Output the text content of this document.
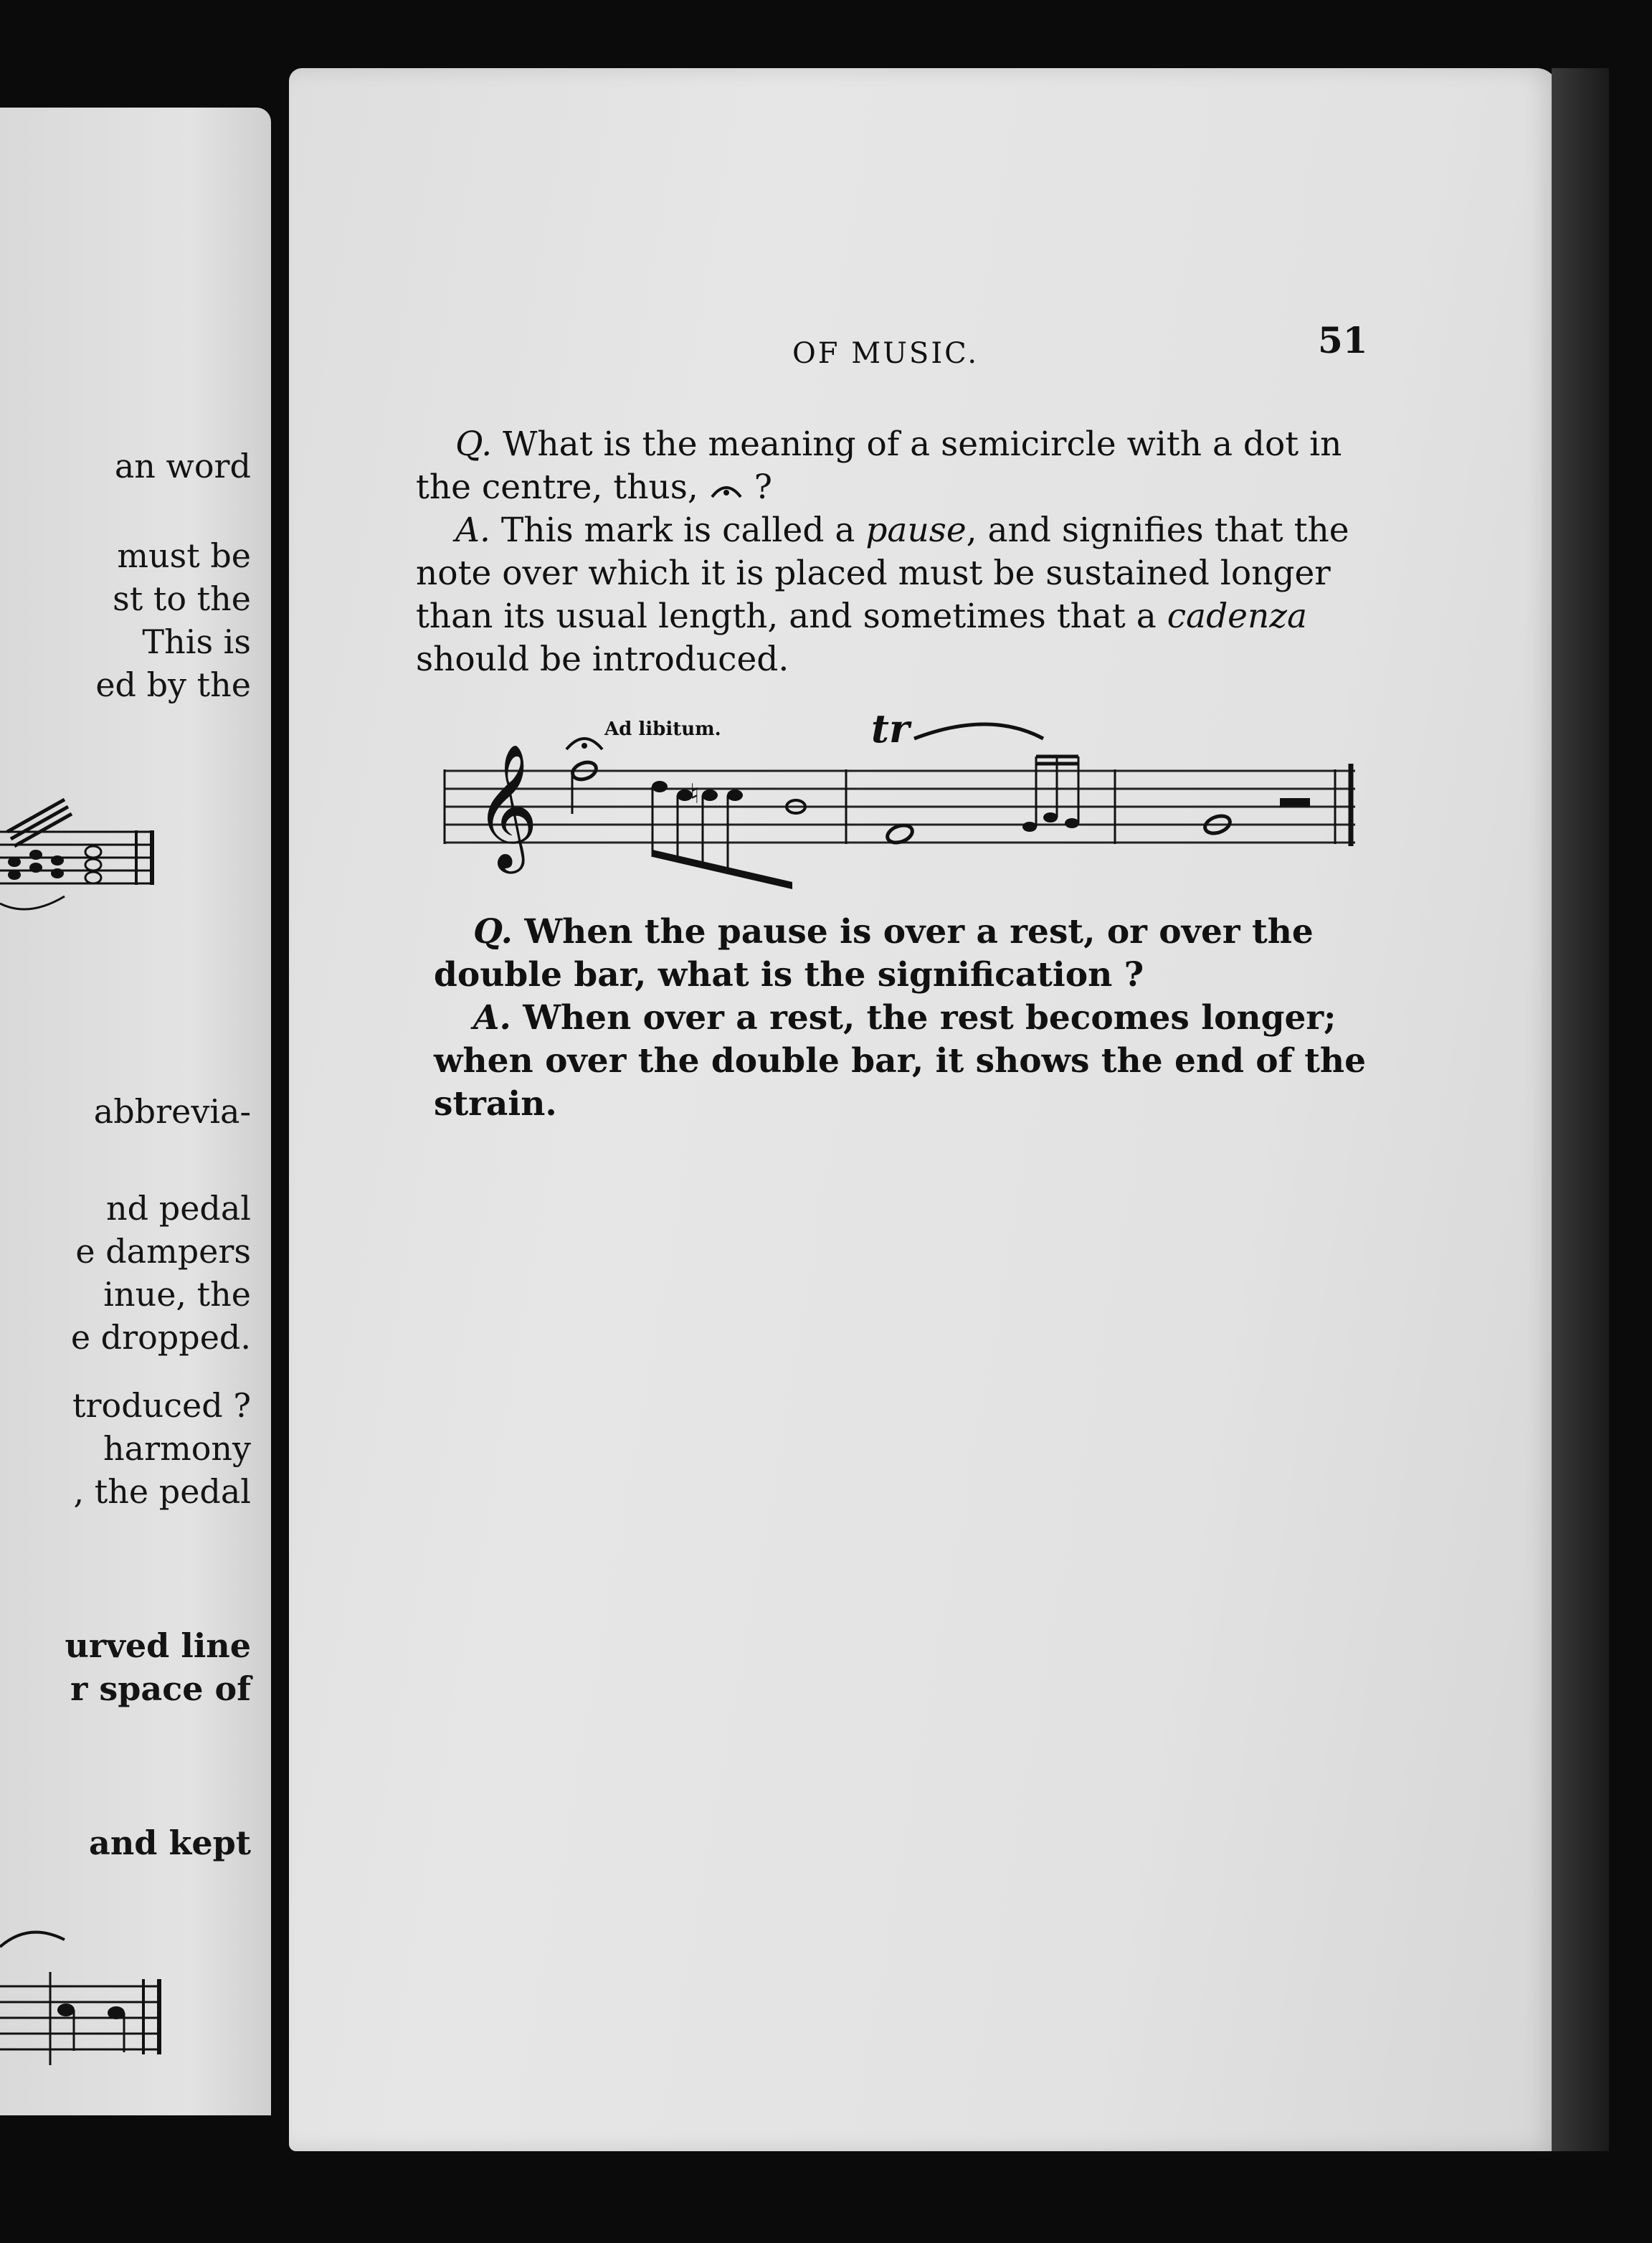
an word

must be

st to the

This is

ed by the

abbrevia-

nd pedal

e dampers

inue, the

e dropped.

troduced ?

harmony

, the pedal

urved line

r space of

and kept

OF MUSIC.	51

Q. What is the meaning of a semicircle with a dot in the centre, thus, ?

A. This mark is called a pause, and signifies that the note over which it is placed must be sustained longer than its usual length, and sometimes that a cadenza should be introduced.

Ad libitum.	tr
𝄞	♮

Q. When the pause is over a rest, or over the double bar, what is the signification ?

A. When over a rest, the rest becomes longer; when over the double bar, it shows the end of the strain.
